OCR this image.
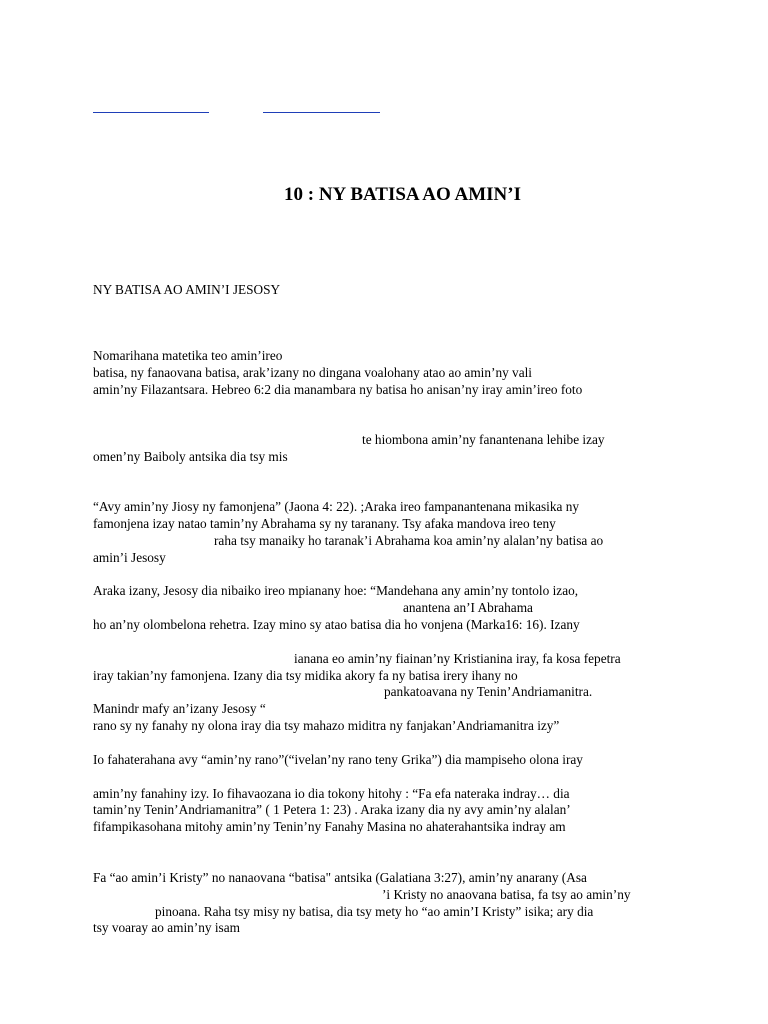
10 : NY BATISA AO AMIN’I

NY BATISA AO AMIN’I JESOSY

Nomarihana matetika teo amin’ireo

batisa, ny fanaovana batisa, arak’izany no dingana voalohany atao ao amin’ny vali

amin’ny Filazantsara. Hebreo 6:2 dia manambara ny batisa ho anisan’ny iray amin’ireo foto

te hiombona amin’ny fanantenana lehibe izay

omen’ny Baiboly antsika dia tsy mis

“Avy amin’ny Jiosy ny famonjena” (Jaona 4: 22). ;Araka ireo fampanantenana mikasika ny

famonjena izay natao tamin’ny Abrahama sy ny taranany. Tsy afaka mandova ireo teny

raha tsy manaiky ho taranak’i Abrahama koa amin’ny alalan’ny batisa ao

amin’i Jesosy

Araka izany, Jesosy dia nibaiko ireo mpianany hoe: “Mandehana any amin’ny tontolo izao,

anantena an’I Abrahama

ho an’ny olombelona rehetra. Izay mino sy atao batisa dia ho vonjena (Marka16: 16). Izany

ianana eo amin’ny fiainan’ny Kristianina iray, fa kosa fepetra

iray takian’ny famonjena. Izany dia tsy midika akory fa ny batisa irery ihany no

pankatoavana ny Tenin’Andriamanitra.

Manindr mafy an’izany Jesosy “

rano sy ny fanahy ny olona iray dia tsy mahazo miditra ny fanjakan’Andriamanitra izy”

Io fahaterahana avy “amin’ny rano”(“ivelan’ny rano teny Grika”) dia mampiseho olona iray

amin’ny fanahiny izy. Io fihavaozana io dia tokony hitohy : “Fa efa nateraka indray… dia

tamin’ny Tenin’Andriamanitra” ( 1 Petera 1: 23) . Araka izany dia ny avy amin’ny alalan’

fifampikasohana mitohy amin’ny Tenin’ny Fanahy Masina no ahaterahantsika indray am

Fa “ao amin’i Kristy” no nanaovana “batisa" antsika (Galatiana 3:27), amin’ny anarany (Asa

’i Kristy no anaovana batisa, fa tsy ao amin’ny

pinoana. Raha tsy misy ny batisa, dia tsy mety ho “ao amin’I Kristy” isika; ary dia

tsy voaray ao amin’ny isam
